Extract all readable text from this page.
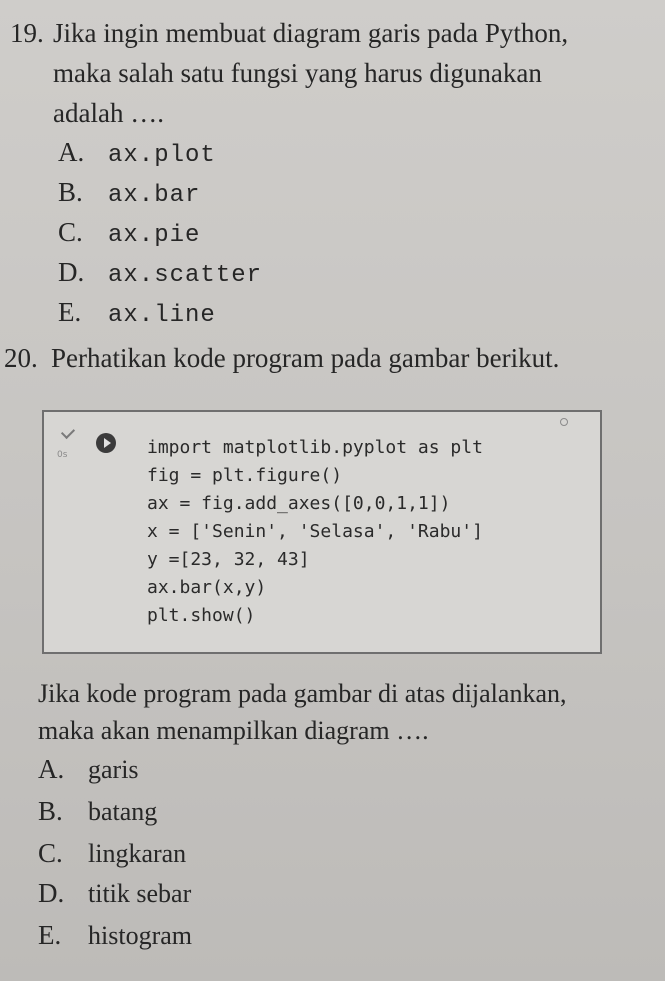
19. Jika ingin membuat diagram garis pada Python,
maka salah satu fungsi yang harus digunakan
adalah ….
A. ax.plot
B.	ax.bar
C.	ax.pie
D. ax.scatter
E.	ax.line
20. Perhatikan kode program pada gambar berikut.
0s	import matplotlib.pyplot as plt
fig = plt.figure()
ax = fig.add_axes([0,0,1,1])
x = ['Senin', 'Selasa', 'Rabu']
y =[23, 32, 43]
ax.bar(x,y)
plt.show()
Jika kode program pada gambar di atas dijalankan,
maka akan menampilkan diagram ….
A. garis
B. batang
C. lingkaran
D. titik sebar
E.	histogram
